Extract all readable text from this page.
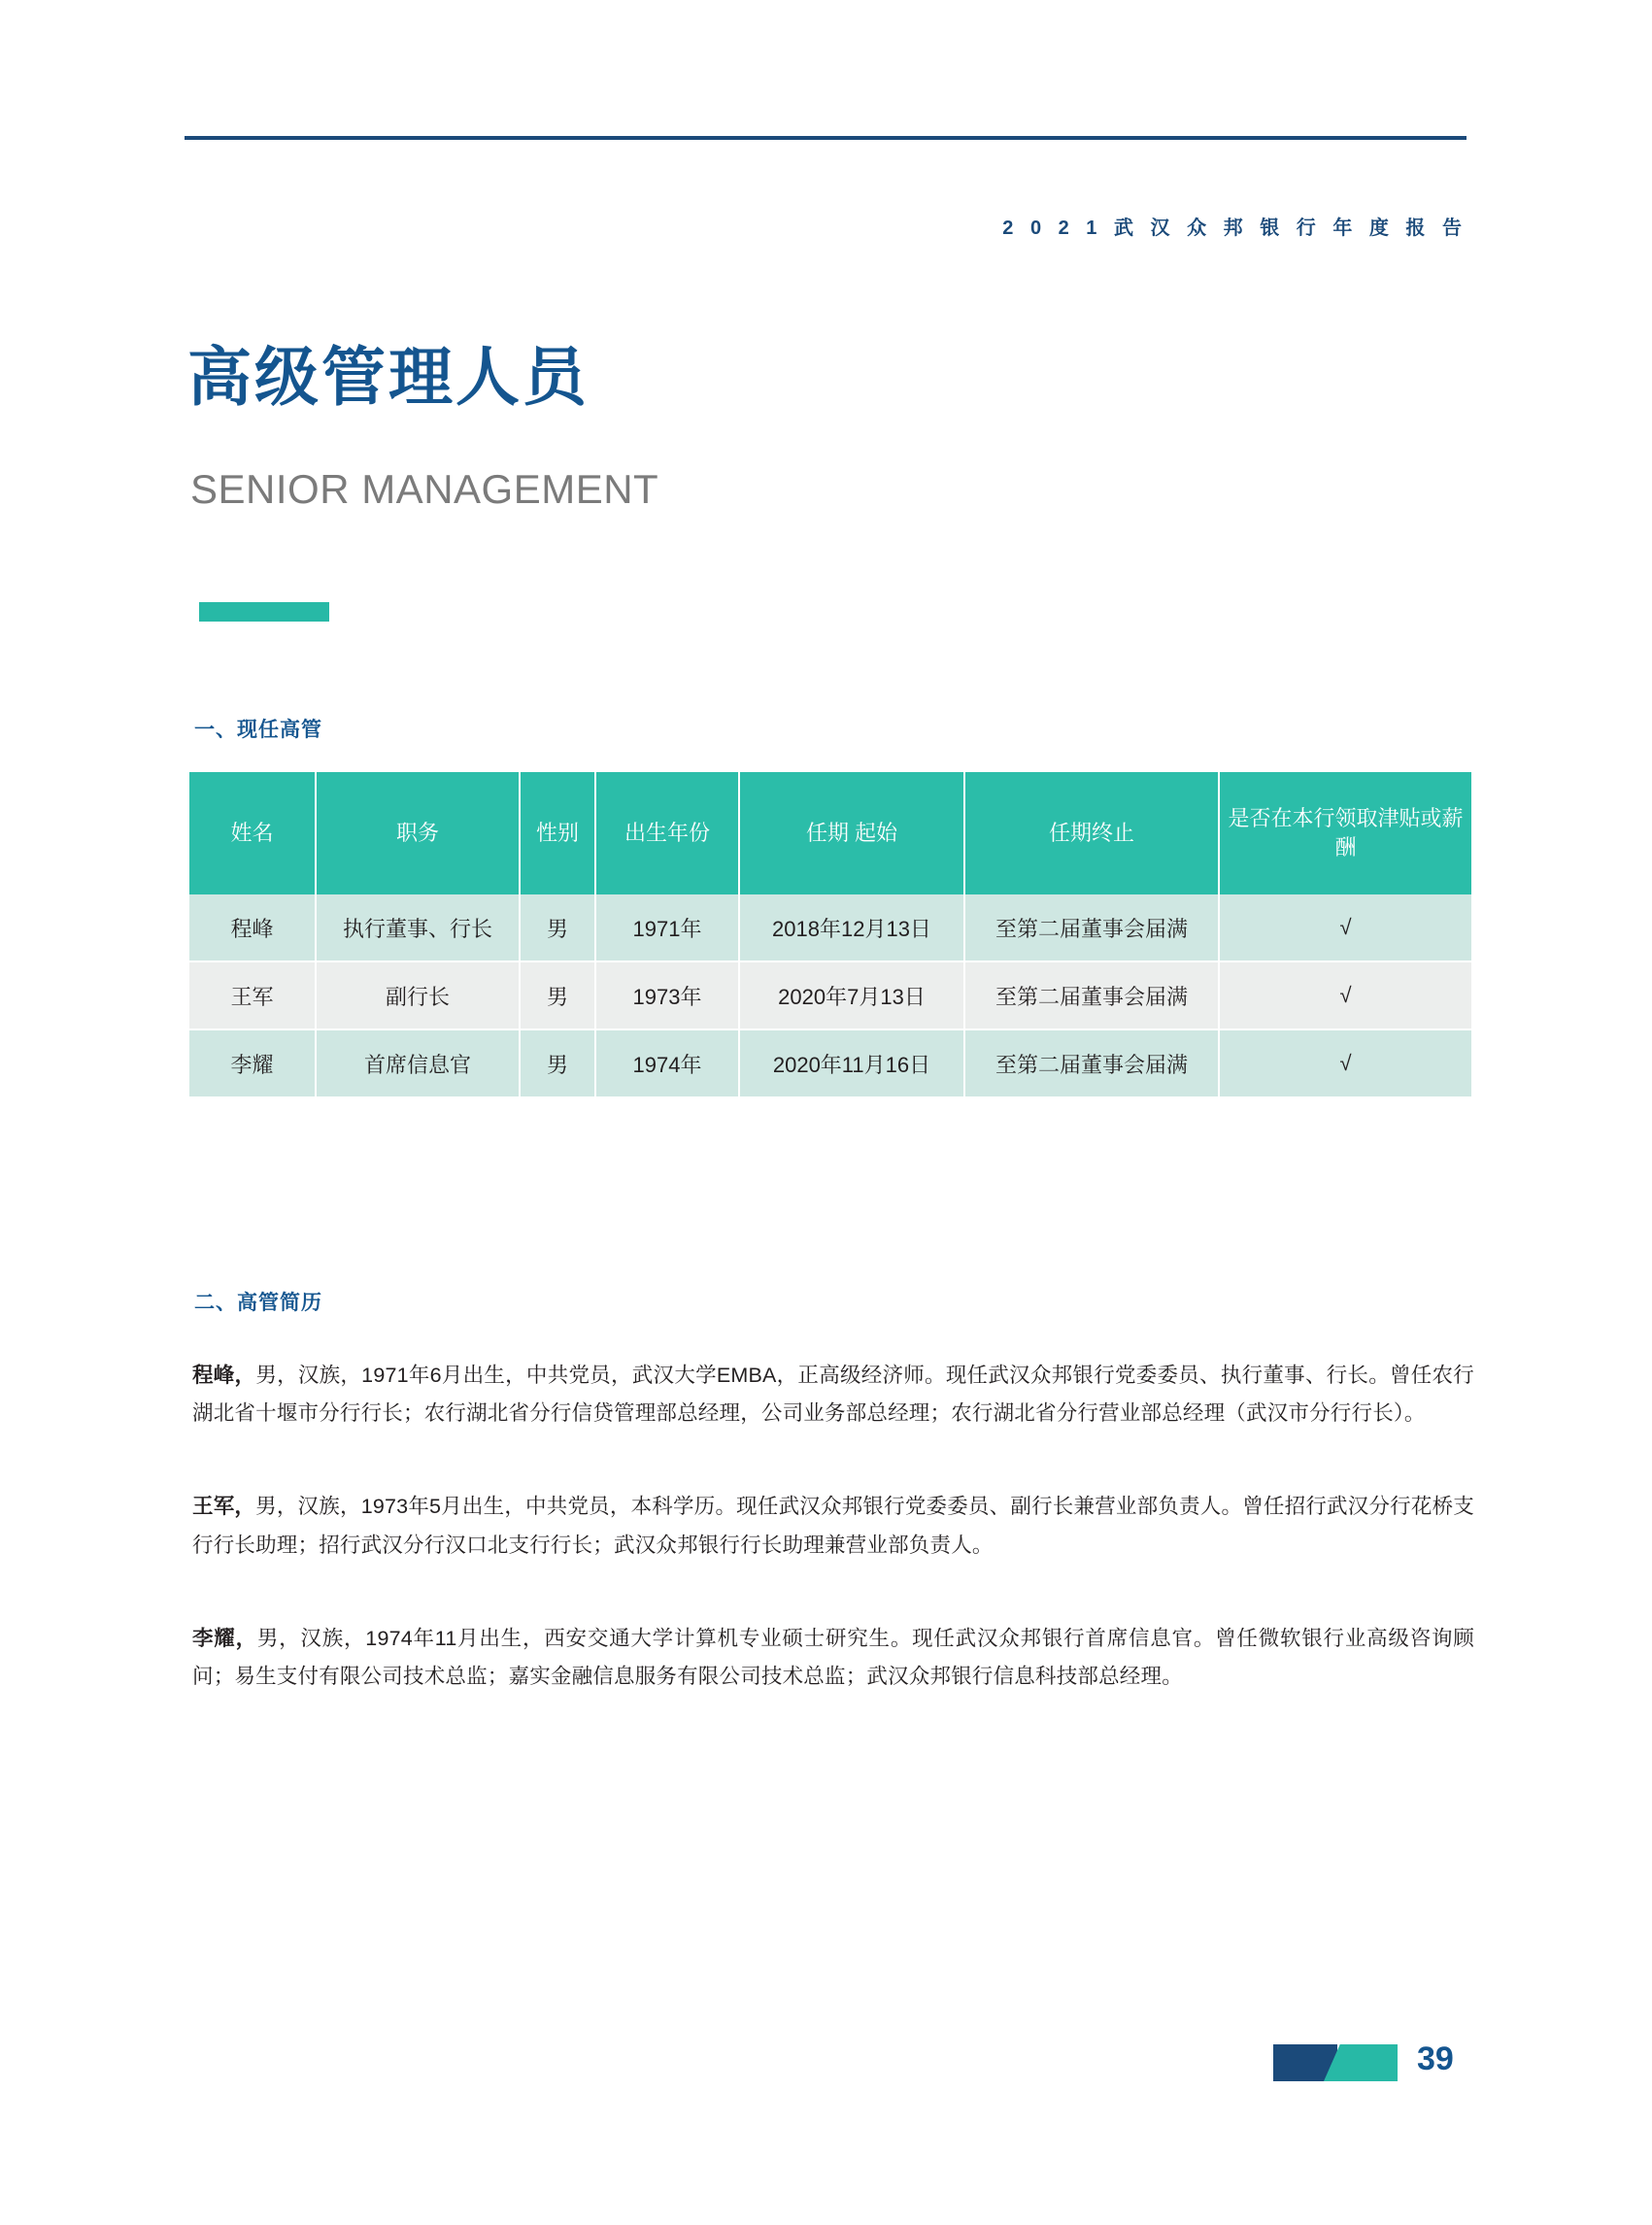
2 0 2 1 武 汉 众 邦 银 行 年 度 报 告
高级管理人员
SENIOR MANAGEMENT
一、现任高管
姓名	职务	性别	出生年份	任期 起始	任期终止	是否在本行领取津贴或薪酬
程峰	执行董事、行长	男	1971年	2018年12月13日	至第二届董事会届满	√
王军	副行长	男	1973年	2020年7月13日	至第二届董事会届满	√
李耀	首席信息官	男	1974年	2020年11月16日	至第二届董事会届满	√
二、高管简历

程峰，男，汉族，1971年6月出生，中共党员，武汉大学EMBA，正高级经济师。现任武汉众邦银行党委委员、执行董事、行长。曾任农行湖北省十堰市分行行长；农行湖北省分行信贷管理部总经理，公司业务部总经理；农行湖北省分行营业部总经理（武汉市分行行长）。

王军，男，汉族，1973年5月出生，中共党员，本科学历。现任武汉众邦银行党委委员、副行长兼营业部负责人。曾任招行武汉分行花桥支行行长助理；招行武汉分行汉口北支行行长；武汉众邦银行行长助理兼营业部负责人。

李耀，男，汉族，1974年11月出生，西安交通大学计算机专业硕士研究生。现任武汉众邦银行首席信息官。曾任微软银行业高级咨询顾问；易生支付有限公司技术总监；嘉实金融信息服务有限公司技术总监；武汉众邦银行信息科技部总经理。

39
